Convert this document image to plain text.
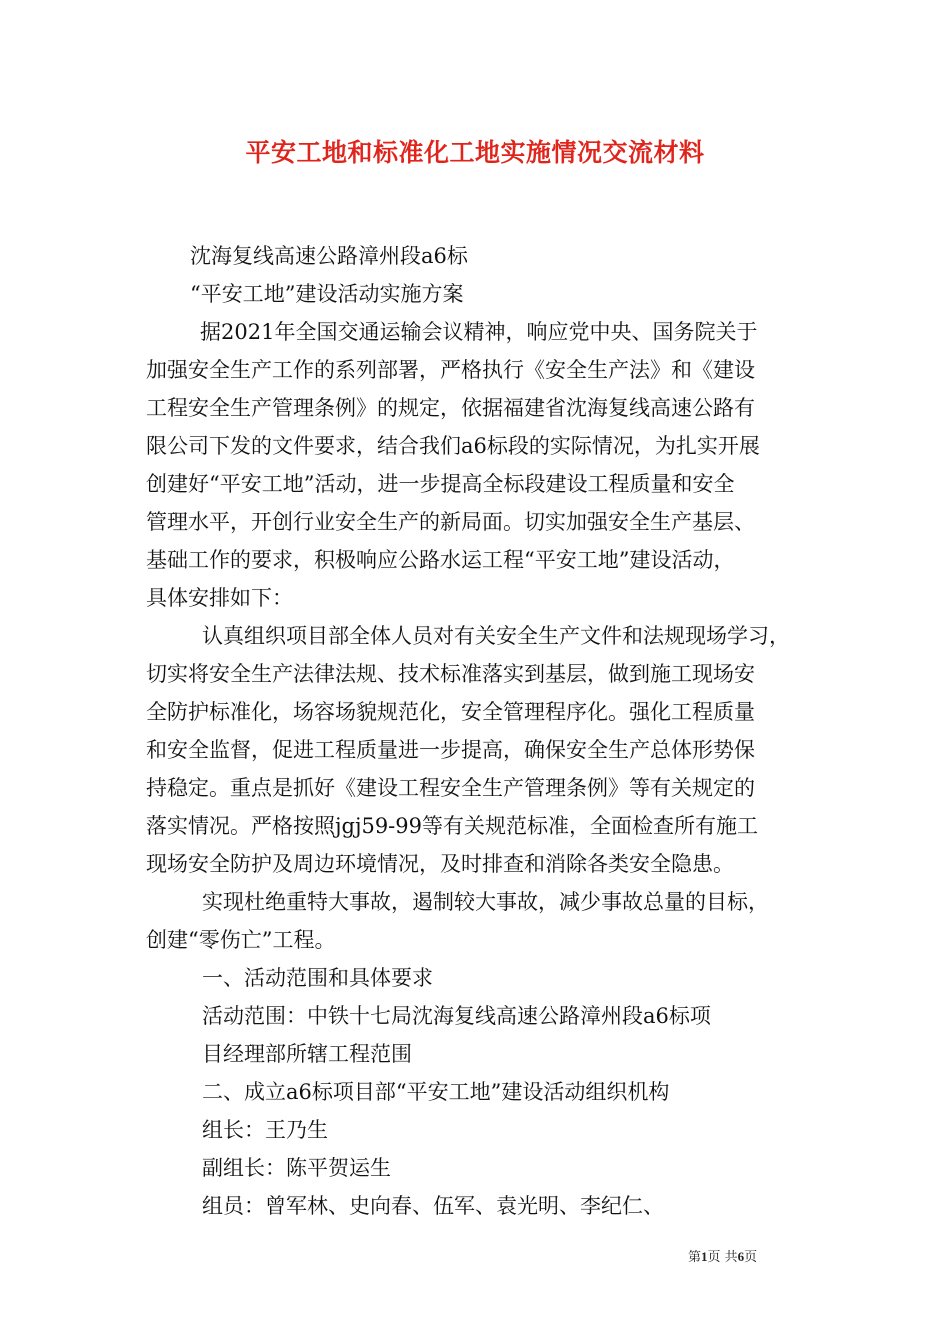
平安工地和标准化工地实施情况交流材料
沈海复线高速公路漳州段a6标
“平安工地”建设活动实施方案
据2021年全国交通运输会议精神，响应党中央、国务院关于
加强安全生产工作的系列部署，严格执行《安全生产法》和《建设
工程安全生产管理条例》的规定，依据福建省沈海复线高速公路有
限公司下发的文件要求，结合我们a6标段的实际情况，为扎实开展
创建好“平安工地”活动，进一步提高全标段建设工程质量和安全
管理水平，开创行业安全生产的新局面。切实加强安全生产基层、
基础工作的要求，积极响应公路水运工程“平安工地”建设活动，
具体安排如下：
认真组织项目部全体人员对有关安全生产文件和法规现场学习，
切实将安全生产法律法规、技术标准落实到基层，做到施工现场安
全防护标准化，场容场貌规范化，安全管理程序化。强化工程质量
和安全监督，促进工程质量进一步提高，确保安全生产总体形势保
持稳定。重点是抓好《建设工程安全生产管理条例》等有关规定的
落实情况。严格按照jgj59-99等有关规范标准，全面检查所有施工
现场安全防护及周边环境情况，及时排查和消除各类安全隐患。
实现杜绝重特大事故，遏制较大事故，减少事故总量的目标，
创建“零伤亡”工程。
一、活动范围和具体要求
活动范围：中铁十七局沈海复线高速公路漳州段a6标项
目经理部所辖工程范围
二、成立a6标项目部“平安工地”建设活动组织机构
组长：王乃生
副组长：陈平贺运生
组员：曾军林、史向春、伍军、袁光明、李纪仁、
第1页 共6页
